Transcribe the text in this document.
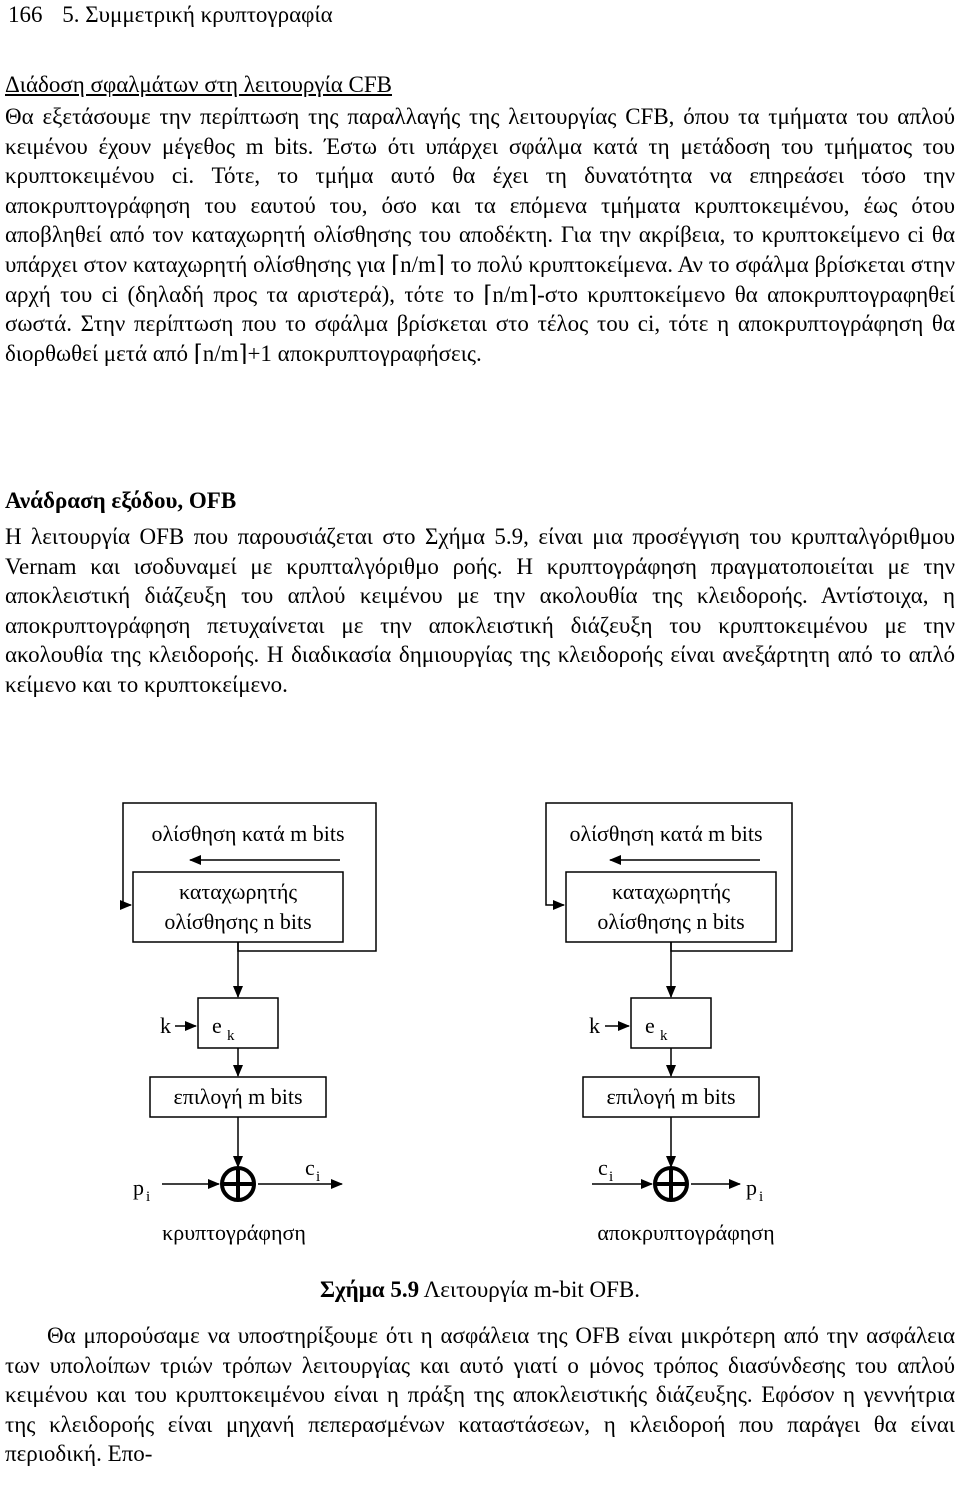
166 5. Συμμετρική κρυπτογραφία

Διάδοση σφαλμάτων στη λειτουργία CFB

Θα εξετάσουμε την περίπτωση της παραλλαγής της λειτουργίας CFB, όπου τα τμήματα του απλού κειμένου έχουν μέγεθος m bits. Έστω ότι υπάρχει σφάλμα κατά τη μετάδοση του τμήματος του κρυπτοκειμένου ci. Τότε, το τμήμα αυτό θα έχει τη δυνατότητα να επηρεάσει τόσο την αποκρυπτογράφηση του εαυτού του, όσο και τα επόμενα τμήματα κρυπτοκειμένου, έως ότου αποβληθεί από τον καταχωρητή ολίσθησης του αποδέκτη. Για την ακρίβεια, το κρυπτοκείμενο ci θα υπάρχει στον καταχωρητή ολίσθησης για ⌈n/m⌉ το πολύ κρυπτοκείμενα. Αν το σφάλμα βρίσκεται στην αρχή του ci (δηλαδή προς τα αριστερά), τότε το ⌈n/m⌉-στο κρυπτοκείμενο θα αποκρυπτογραφηθεί σωστά. Στην περίπτωση που το σφάλμα βρίσκεται στο τέλος του ci, τότε η αποκρυπτογράφηση θα διορθωθεί μετά από ⌈n/m⌉+1 αποκρυπτογραφήσεις.

Ανάδραση εξόδου, OFB

Η λειτουργία OFB που παρουσιάζεται στο Σχήμα 5.9, είναι μια προσέγγιση του κρυπταλγόριθμου Vernam και ισοδυναμεί με κρυπταλγόριθμο ροής. Η κρυπτογράφηση πραγματοποιείται με την αποκλειστική διάζευξη του απλού κειμένου με την ακολουθία της κλειδοροής. Αντίστοιχα, η αποκρυπτογράφηση πετυχαίνεται με την αποκλειστική διάζευξη του κρυπτοκειμένου με την ακολουθία της κλειδοροής. Η διαδικασία δημιουργίας της κλειδοροής είναι ανεξάρτητη από το απλό κείμενο και το κρυπτοκείμενο.

ολίσθηση κατά m bits
καταχωρητής
ολίσθησης n bits
k e k
επιλογή m bits
p i
c i
κρυπτογράφηση
ολίσθηση κατά m bits
καταχωρητής
ολίσθησης n bits
k e k
επιλογή m bits
c i	p i
αποκρυπτογράφηση

Σχήμα 5.9 Λειτουργία m-bit OFB.

Θα μπορούσαμε να υποστηρίξουμε ότι η ασφάλεια της OFB είναι μικρότερη από την ασφάλεια των υπολοίπων τριών τρόπων λειτουργίας και αυτό γιατί ο μόνος τρόπος διασύνδεσης του απλού κειμένου και του κρυπτοκειμένου είναι η πράξη της αποκλειστικής διάζευξης. Εφόσον η γεννήτρια της κλειδοροής είναι μηχανή πεπερασμένων καταστάσεων, η κλειδοροή που παράγει θα είναι περιοδική. Επο-
